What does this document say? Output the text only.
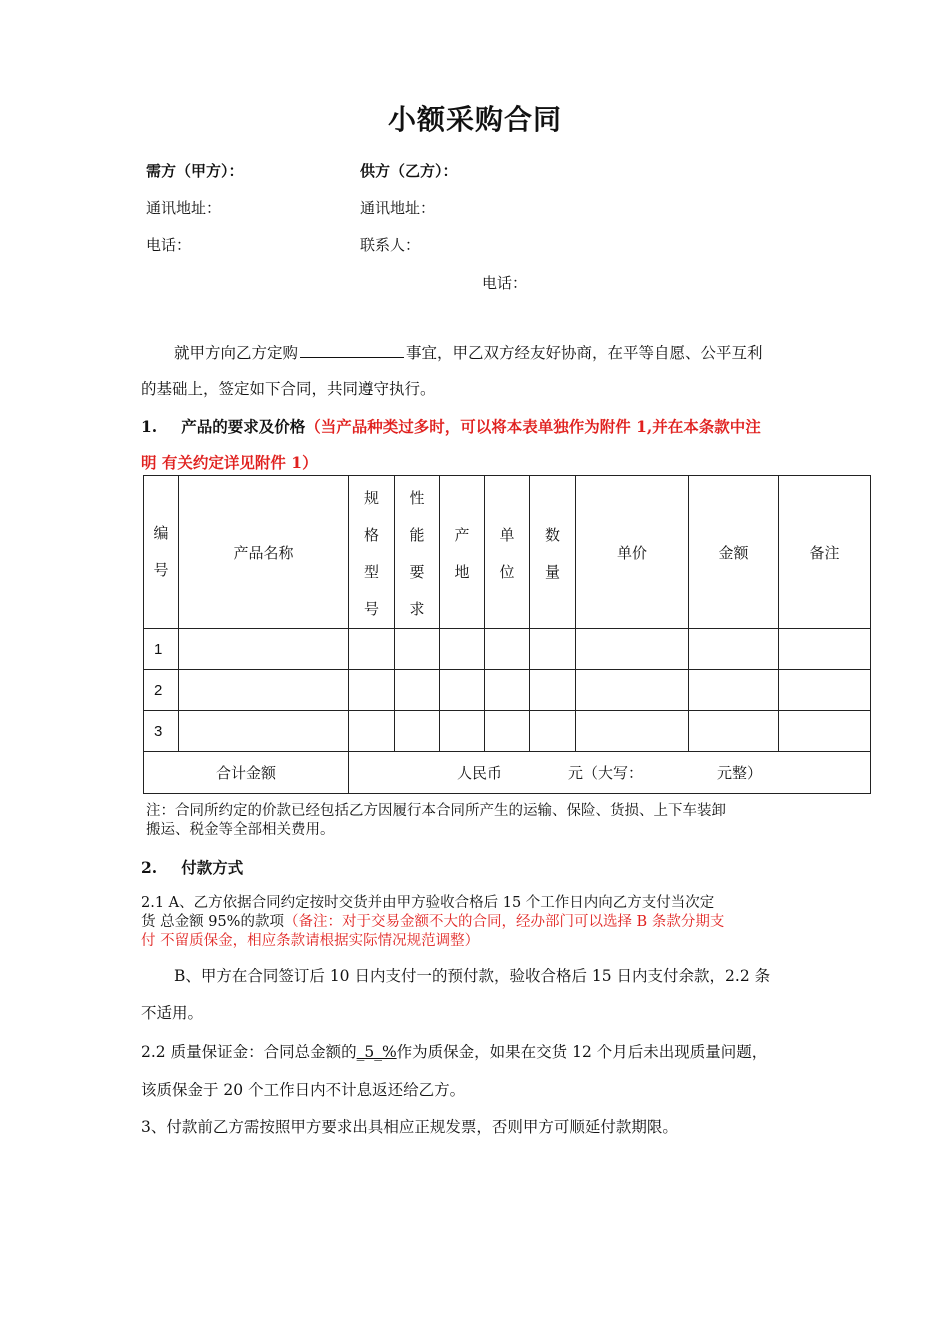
小额采购合同
需方（甲方）：	供方（乙方）：
通讯地址：	通讯地址：
电话：	联系人：
电话：
就甲方向乙方定购	事宜，甲乙双方经友好协商，在平等自愿、公平互利
的基础上，签定如下合同，共同遵守执行。
1. 产品的要求及价格（当产品种类过多时，可以将本表单独作为附件 1,并在本条款中注
明 有关约定详见附件 1）
编号	产品名称	规格型号	性能要求	产地	单位	数量	单价	金额	备注
1									
2									
3									
合计金额		人民币 元（大写： 元整）							
注：合同所约定的价款已经包括乙方因履行本合同所产生的运输、保险、货损、上下车装卸
搬运、税金等全部相关费用。
2. 付款方式
2.1 A、乙方依据合同约定按时交货并由甲方验收合格后 15 个工作日内向乙方支付当次定
货 总金额 95%的款项（备注：对于交易金额不大的合同，经办部门可以选择 B 条款分期支
付 不留质保金，相应条款请根据实际情况规范调整）
B、甲方在合同签订后 10 日内支付一的预付款，验收合格后 15 日内支付余款，2.2 条
不适用。
2.2 质量保证金：合同总金额的_5_%作为质保金，如果在交货 12 个月后未出现质量问题，
该质保金于 20 个工作日内不计息返还给乙方。
3、付款前乙方需按照甲方要求出具相应正规发票，否则甲方可顺延付款期限。
